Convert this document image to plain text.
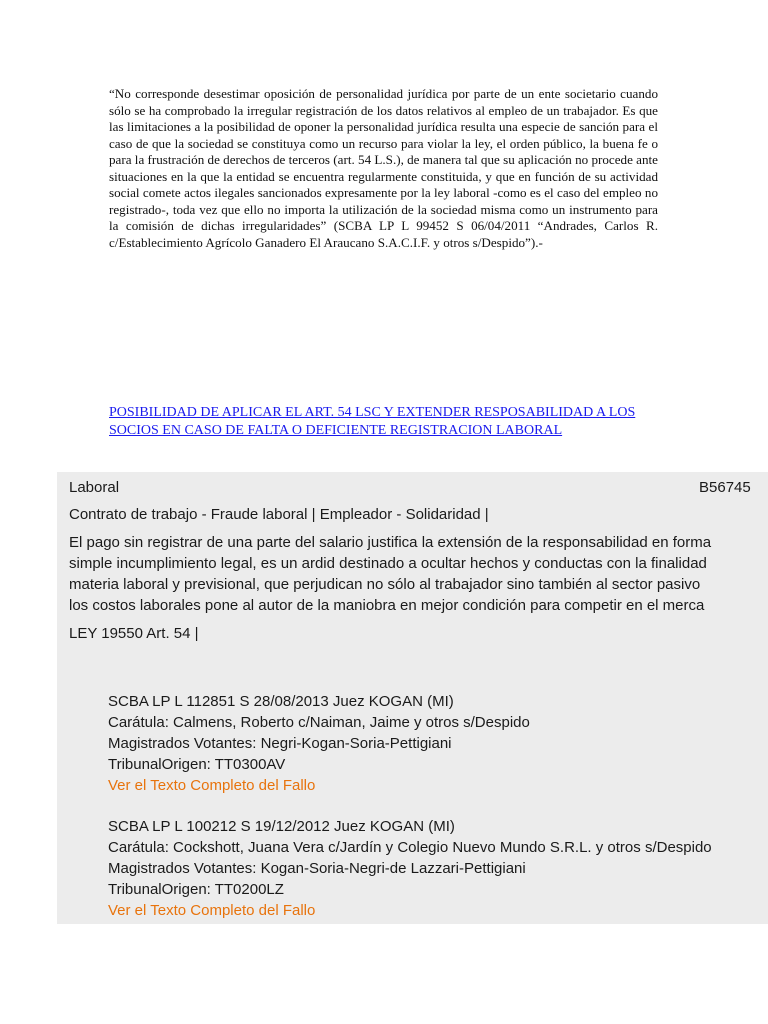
“No corresponde desestimar oposición de personalidad jurídica por parte de un ente societario cuando sólo se ha comprobado la irregular registración de los datos relativos al empleo de un trabajador. Es que las limitaciones a la posibilidad de oponer la personalidad jurídica resulta una especie de sanción para el caso de que la sociedad se constituya como un recurso para violar la ley, el orden público, la buena fe o para la frustración de derechos de terceros (art. 54 L.S.), de manera tal que su aplicación no procede ante situaciones en la que la entidad se encuentra regularmente constituida, y que en función de su actividad social comete actos ilegales sancionados expresamente por la ley laboral -como es el caso del empleo no registrado-, toda vez que ello no importa la utilización de la sociedad misma como un instrumento para la comisión de dichas irregularidades” (SCBA LP L 99452 S 06/04/2011 “Andrades, Carlos R. c/Establecimiento Agrícolo Ganadero El Araucano S.A.C.I.F. y otros s/Despido”).-

POSIBILIDAD DE APLICAR EL ART. 54 LSC Y EXTENDER RESPOSABILIDAD A LOS SOCIOS EN CASO DE FALTA O DEFICIENTE REGISTRACION LABORAL
Laboral	B56745
Contrato de trabajo - Fraude laboral | Empleador - Solidaridad |
El pago sin registrar de una parte del salario justifica la extensión de la responsabilidad en forma
simple incumplimiento legal, es un ardid destinado a ocultar hechos y conductas con la finalidad
materia laboral y previsional, que perjudican no sólo al trabajador sino también al sector pasivo
los costos laborales pone al autor de la maniobra en mejor condición para competir en el merca
LEY 19550 Art. 54 |
SCBA LP L 112851 S 28/08/2013 Juez KOGAN (MI)
Carátula: Calmens, Roberto c/Naiman, Jaime y otros s/Despido
Magistrados Votantes: Negri-Kogan-Soria-Pettigiani
TribunalOrigen: TT0300AV
Ver el Texto Completo del Fallo
SCBA LP L 100212 S 19/12/2012 Juez KOGAN (MI)
Carátula: Cockshott, Juana Vera c/Jardín y Colegio Nuevo Mundo S.R.L. y otros s/Despido
Magistrados Votantes: Kogan-Soria-Negri-de Lazzari-Pettigiani
TribunalOrigen: TT0200LZ
Ver el Texto Completo del Fallo
